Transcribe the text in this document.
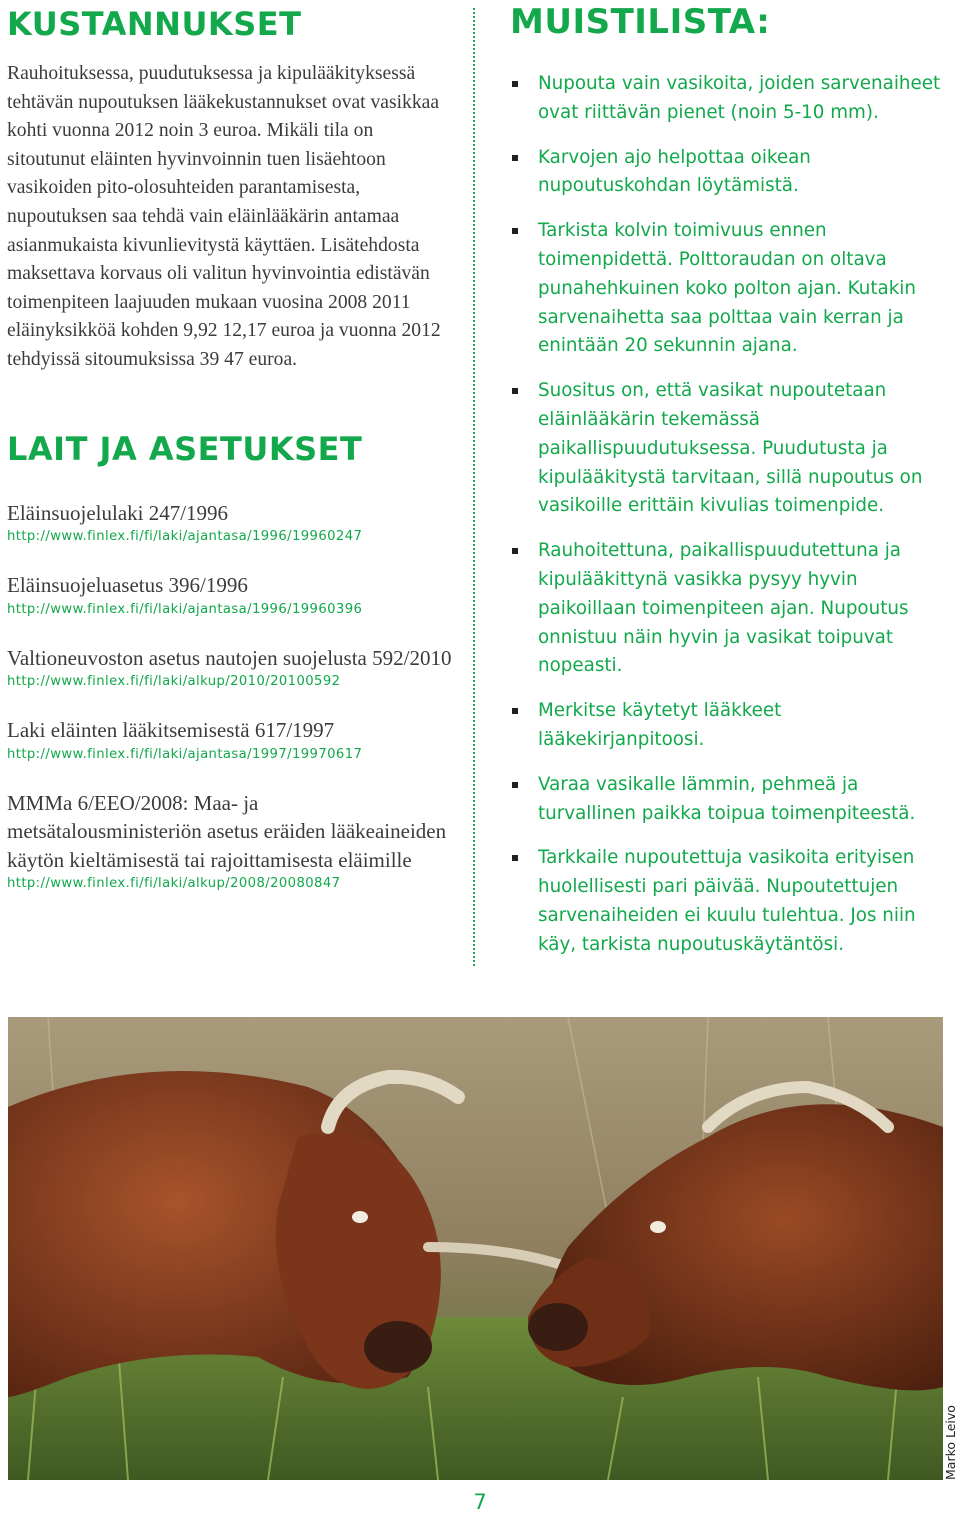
KUSTANNUKSET

Rauhoituksessa, puudutuksessa ja kipulääkityksessä tehtävän nupoutuksen lääkekustannukset ovat vasikkaa kohti vuonna 2012 noin 3 euroa. Mikäli tila on sitoutunut eläinten hyvinvoinnin tuen lisäehtoon vasikoiden pito-olosuhteiden parantamisesta, nupoutuksen saa tehdä vain eläinlääkärin antamaa asianmukaista kivunlievitystä käyttäen. Lisätehdosta maksettava korvaus oli valitun hyvinvointia edistävän toimenpiteen laajuuden mukaan vuosina 2008 2011 eläinyksikköä kohden 9,92 12,17 euroa ja vuonna 2012 tehdyissä sitoumuksissa 39 47 euroa.

LAIT JA ASETUKSET
Eläinsuojelulaki 247/1996
http://www.finlex.fi/fi/laki/ajantasa/1996/19960247
Eläinsuojeluasetus 396/1996
http://www.finlex.fi/fi/laki/ajantasa/1996/19960396
Valtioneuvoston asetus nautojen suojelusta 592/2010
http://www.finlex.fi/fi/laki/alkup/2010/20100592
Laki eläinten lääkitsemisestä 617/1997
http://www.finlex.fi/fi/laki/ajantasa/1997/19970617
MMMa 6/EEO/2008: Maa- ja metsätalousministeriön asetus eräiden lääkeaineiden käytön kieltämisestä tai rajoittamisesta eläimille
http://www.finlex.fi/fi/laki/alkup/2008/20080847
MUISTILISTA:
Nupouta vain vasikoita, joiden sarvenaiheet ovat riittävän pienet (noin 5-10 mm).
Karvojen ajo helpottaa oikean nupoutuskohdan löytämistä.
Tarkista kolvin toimivuus ennen toimenpidettä. Polttoraudan on oltava punahehkuinen koko polton ajan. Kutakin sarvenaihetta saa polttaa vain kerran ja enintään 20 sekunnin ajana.
Suositus on, että vasikat nupoutetaan eläinlääkärin tekemässä paikallispuudutuksessa. Puudutusta ja kipulääkitystä tarvitaan, sillä nupoutus on vasikoille erittäin kivulias toimenpide.
Rauhoitettuna, paikallispuudutettuna ja kipulääkittynä vasikka pysyy hyvin paikoillaan toimenpiteen ajan. Nupoutus onnistuu näin hyvin ja vasikat toipuvat nopeasti.
Merkitse käytetyt lääkkeet lääkekirjanpitoosi.
Varaa vasikalle lämmin, pehmeä ja turvallinen paikka toipua toimenpiteestä.
Tarkkaile nupoutettuja vasikoita erityisen huolellisesti pari päivää. Nupoutettujen sarvenaiheiden ei kuulu tulehtua. Jos niin käy, tarkista nupoutuskäytäntösi.
Marko Leivo
7
